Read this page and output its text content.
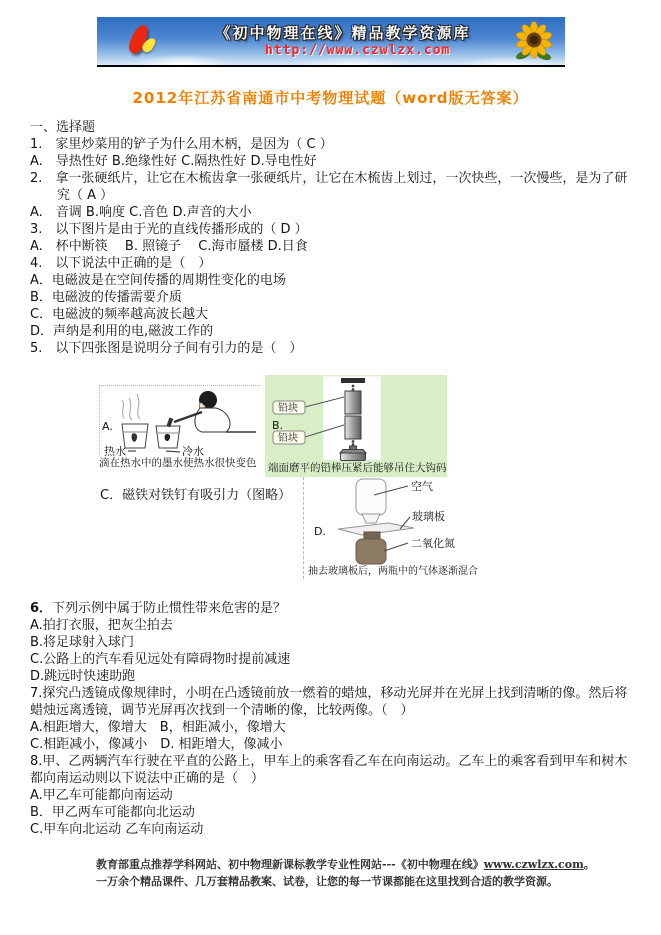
《初中物理在线》精品教学资源库
http://www.czwlzx.com
2012年江苏省南通市中考物理试题（word版无答案）
一、选择题
1.　家里炒菜用的铲子为什么用木柄，是因为（ C ）
A.　导热性好 B.绝缘性好 C.隔热性好 D.导电性好
2.　拿一张硬纸片，让它在木梳齿拿一张硬纸片，让它在木梳齿上划过，一次快些，一次慢些，是为了研究（ A ）
A.　音调 B.响度 C.音色 D.声音的大小
3.　以下图片是由于光的直线传播形成的（ D ）
A.　杯中断筷　 B. 照镜子 　C.海市蜃楼 D.日食
4.　以下说法中正确的是（　）
A．电磁波是在空间传播的周期性变化的电场
B．电磁波的传播需要介质
C．电磁波的频率越高波长越大
D．声纳是利用的电,磁波工作的
5.　以下四张图是说明分子间有引力的是（　）
A.
热水	冷水
滴在热水中的墨水使热水很快变色
B.
铅块
铅块
端面磨平的铅棒压紧后能够吊住大钩码
C．磁铁对铁钉有吸引力（图略）
D.
空气
玻璃板
二氧化氮
抽去玻璃板后，两瓶中的气体逐渐混合
6．下列示例中属于防止惯性带来危害的是？
A.拍打衣服，把灰尘拍去
B.将足球射入球门
C.公路上的汽车看见远处有障碍物时提前减速
D.跳远时快速助跑
7.探究凸透镜成像规律时，小明在凸透镜前放一燃着的蜡烛，移动光屏并在光屏上找到清晰的像。然后将蜡烛远离透镜，调节光屏再次找到一个清晰的像，比较两像。（　）
A.相距增大，像增大　B，相距减小，像增大
C.相距减小，像减小　D. 相距增大，像减小
8.甲、乙两辆汽车行驶在平直的公路上，甲车上的乘客看乙车在向南运动。乙车上的乘客看到甲车和树木都向南运动则以下说法中正确的是（　）
A.甲乙车可能都向南运动
B．甲乙两车可能都向北运动
C.甲车向北运动 乙车向南运动
教育部重点推荐学科网站、初中物理新课标教学专业性网站---《初中物理在线》www.czwlzx.com。 一万余个精品课件、几万套精品教案、试卷，让您的每一节课都能在这里找到合适的教学资源。
